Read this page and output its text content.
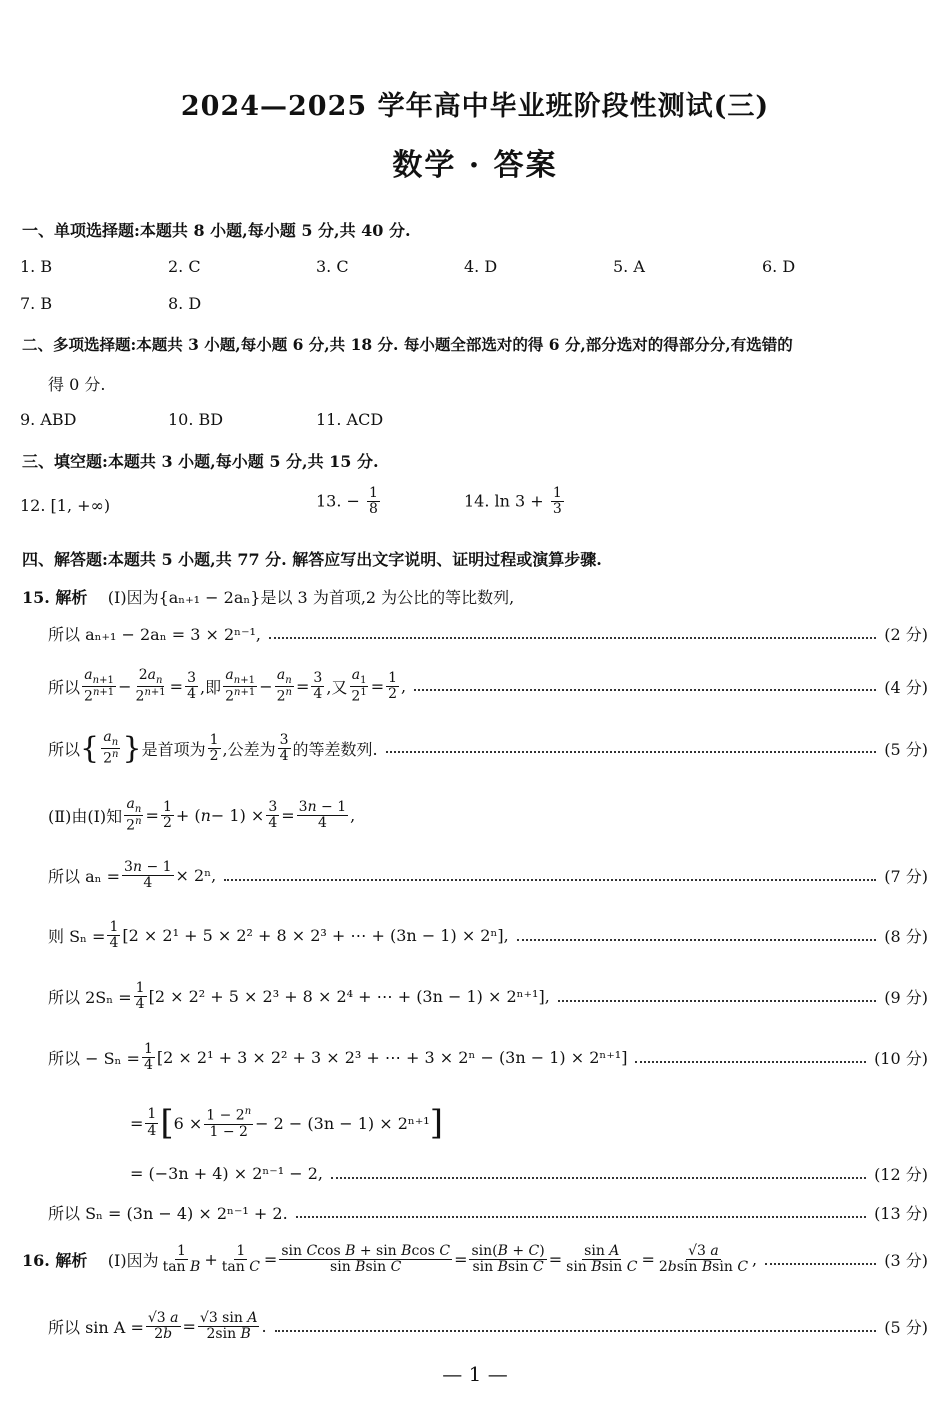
2024—2025 学年高中毕业班阶段性测试(三)
数学 · 答案
一、单项选择题:本题共 8 小题,每小题 5 分,共 40 分.
1. B	2. C	3. C	4. D	5. A	6. D
7. B	8. D
二、多项选择题:本题共 3 小题,每小题 6 分,共 18 分. 每小题全部选对的得 6 分,部分选对的得部分分,有选错的
得 0 分.
9. ABD	10. BD	11. ACD
三、填空题:本题共 3 小题,每小题 5 分,共 15 分.
12. [1, +∞)	13. − $\frac{1}{8}$	14. $\ln 3 + \frac{1}{3}$
四、解答题:本题共 5 小题,共 77 分. 解答应写出文字说明、证明过程或演算步骤.
15. 解析 (Ⅰ)因为{aₙ₊₁ − 2aₙ}是以 3 为首项,2 为公比的等比数列,
所以 aₙ₊₁ − 2aₙ = 3 × 2ⁿ⁻¹,	(2 分)
所以 $\frac{a_{n+1}}{2^{n+1}} - \frac{2a_n}{2^{n+1}} = \frac{3}{4}$ ,即 $\frac{a_{n+1}}{2^{n+1}} - \frac{a_n}{2^n} = \frac{3}{4}$ ,又 $\frac{a_1}{2^1} = \frac{1}{2}$ ,	(4 分)
所以 { $\frac{a_n}{2^n}$ } 是首项为 $\frac{1}{2}$ ,公差为 $\frac{3}{4}$ 的等差数列.	(5 分)
(Ⅱ)由(Ⅰ)知 $\frac{a_n}{2^n} = \frac{1}{2}$ + ( $n - 1) \times \frac{3}{4} = \frac{3n - 1}{4}$ ,
所以 $a_n = \frac{3n - 1}{4} \times 2^n$,	(7 分)
则 $S_n = \frac{1}{4} [2 \times 2^1 + 5 \times 2^2 + 8 \times 2^3$ + ⋯ + (3n − 1) × 2ⁿ],	(8 分)
所以 $2S_n = \frac{1}{4} [2 \times 2^2 + 5 \times 2^3 + 8 \times 2^4$ + ⋯ + (3n − 1) × 2ⁿ⁺¹],	(9 分)
所以 − $S_n = \frac{1}{4} [2 \times 2^1 + 3 \times 2^2 + 3 \times 2^3$ + ⋯ + 3 × 2ⁿ − (3n − 1) × 2ⁿ⁺¹]	(10 分)
= $\frac{1}{4}$ [ $6 \times \frac{1 - 2^n}{1 - 2} - 2 - (3n - 1) \times 2^{n+1}$ ]
= (−3n + 4) × 2ⁿ⁻¹ − 2,	(12 分)
所以 Sₙ = (3n − 4) × 2ⁿ⁻¹ + 2.	(13 分)
16. 解析
(Ⅰ)因为 $\frac{1}{\text{tan B}} + \frac{1}{\text{tan C}} = \frac{\text{sin Ccos B + sin Bcos C}}{\text{sin Bsin C}} = \frac{\sin(B + C)}{\text{sin Bsin C}} = \frac{\text{sin A}}{\text{sin Bsin C}} = \frac{√3 a}{\text{2bsin Bsin C}}$ ,	(3 分)
所以 $\sin A = \frac{√3 a}{2b} = \frac{\text{√3 sin A}}{\text{2sin B}}$ .	(5 分)
— 1 —
